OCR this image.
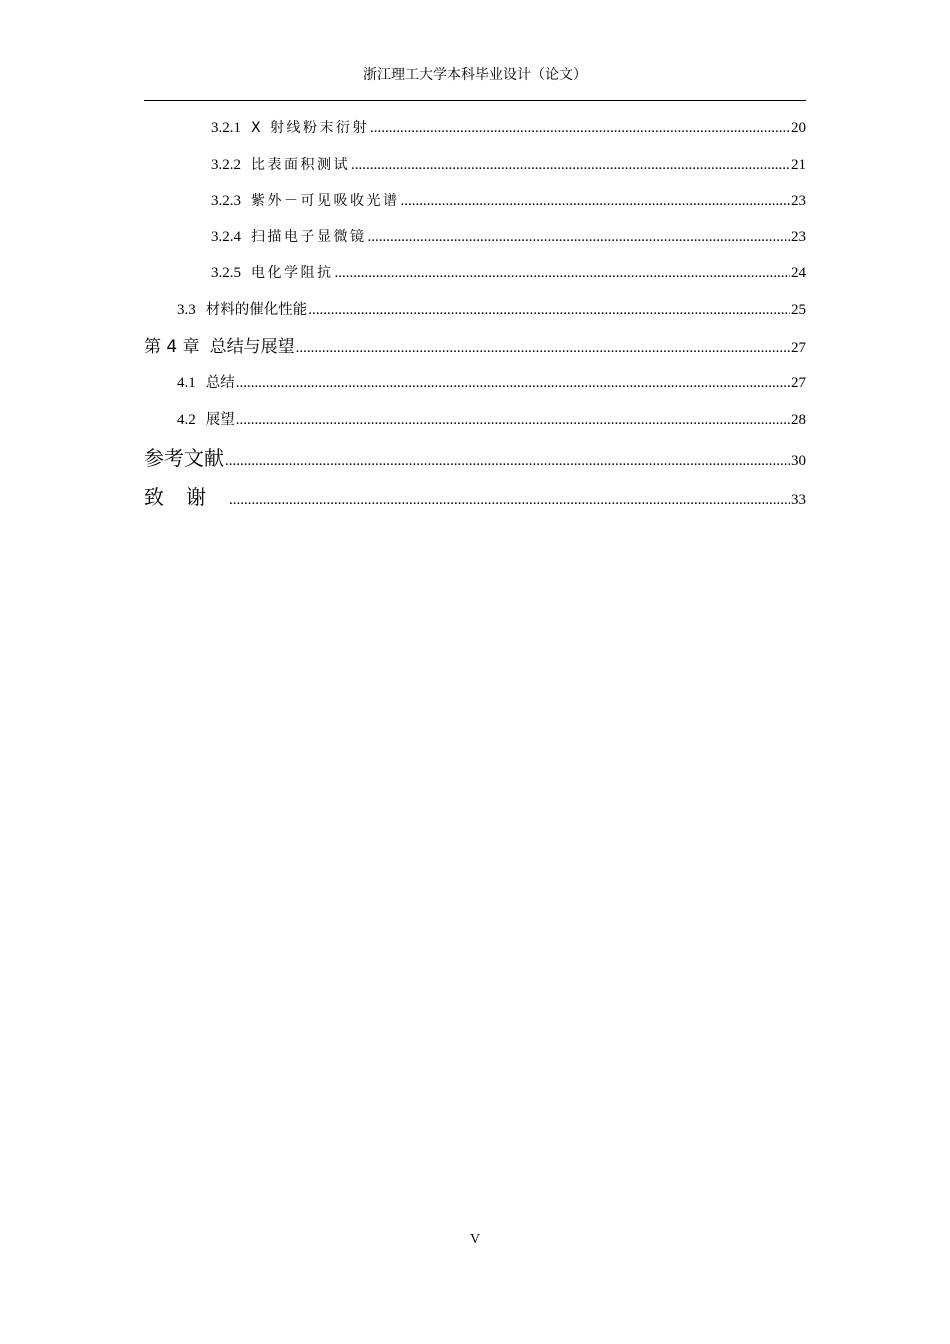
浙江理工大学本科毕业设计（论文）
3.2.1 X 射线粉末衍射 .....	20
3.2.2 比表面积测试 .....	21
3.2.3 紫外－可见吸收光谱 .....	23
3.2.4 扫描电子显微镜 .....	23
3.2.5 电化学阻抗 .....	24
3.3 材料的催化性能 .....	25
第 4 章 总结与展望 .....	27
4.1 总结 .....	27
4.2 展望 .....	28
参考文献 .....	30
致谢 .....	33
V
